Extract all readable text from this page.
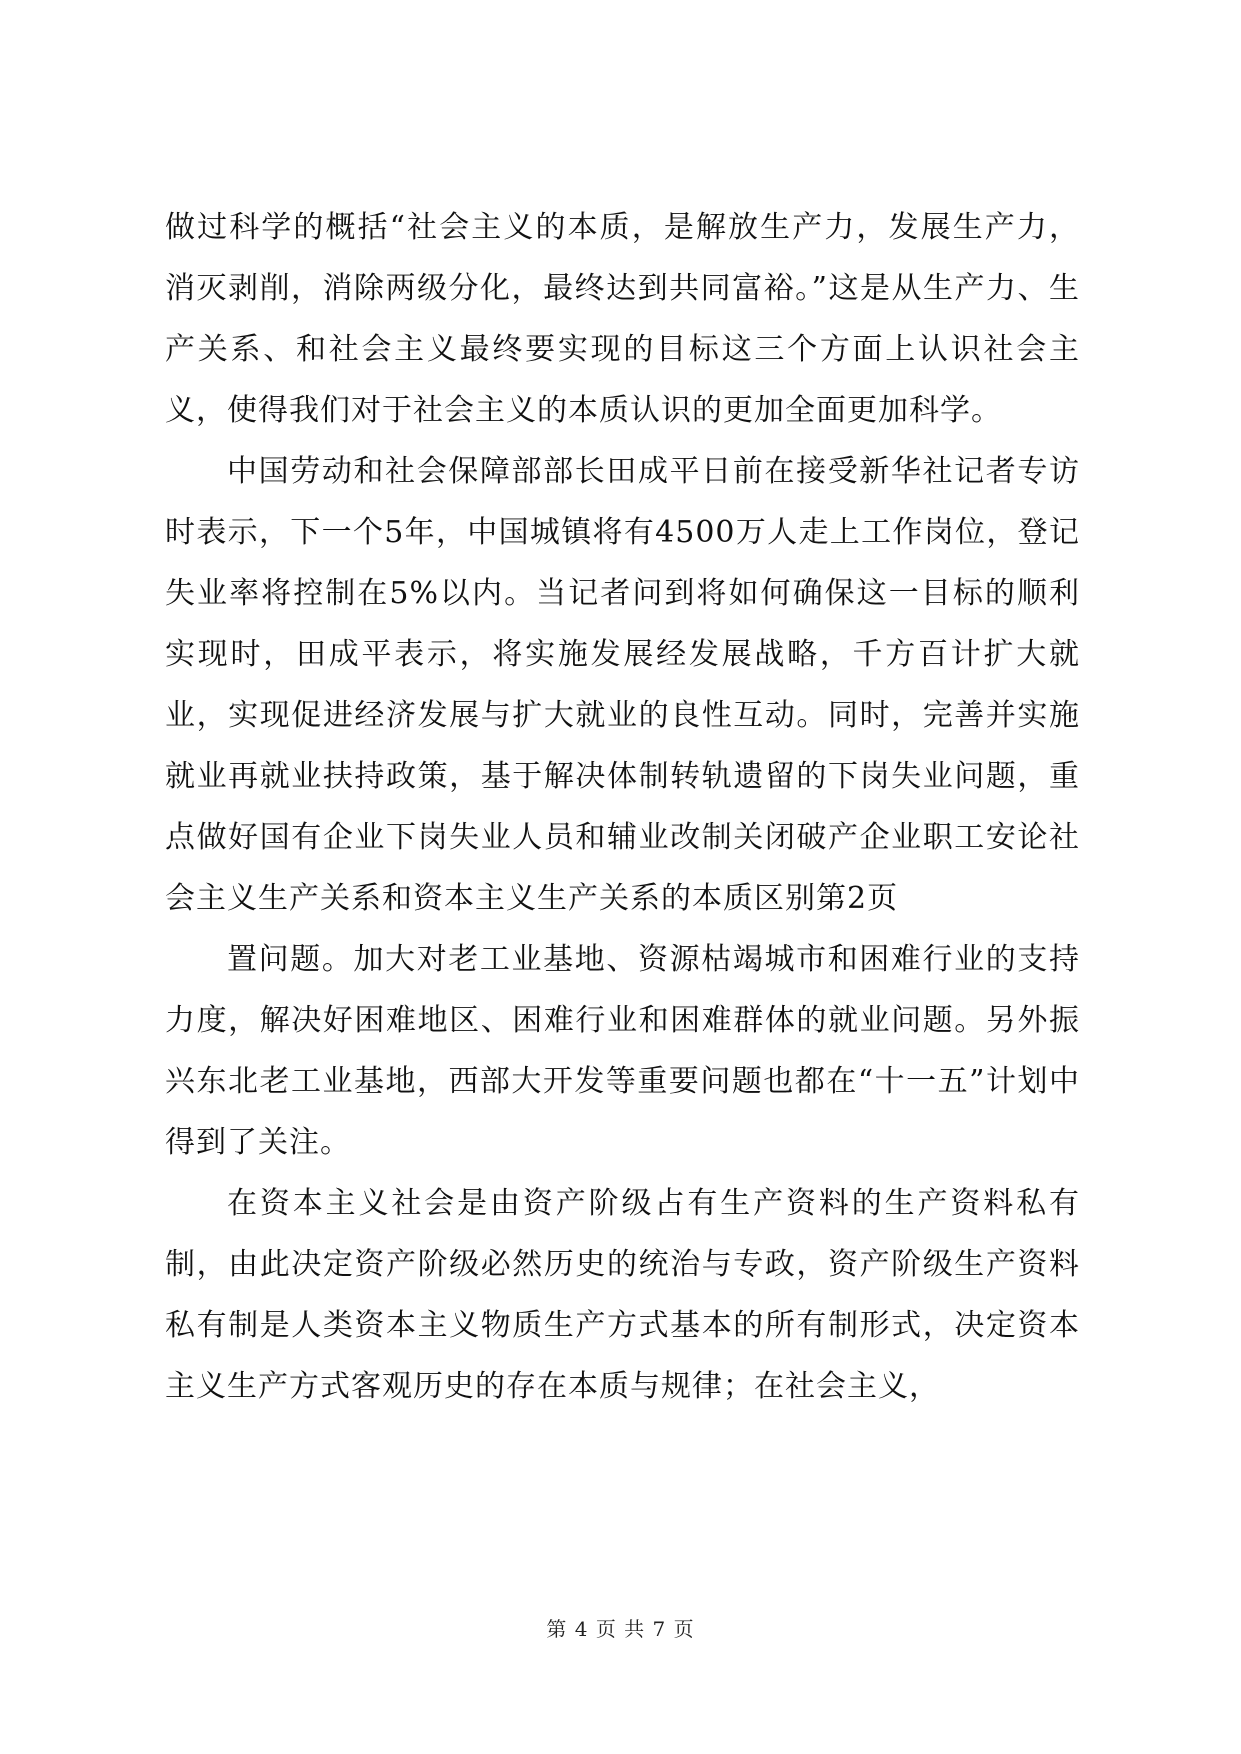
做过科学的概括“社会主义的本质，是解放生产力，发展生产力，消灭剥削，消除两级分化，最终达到共同富裕。”这是从生产力、生产关系、和社会主义最终要实现的目标这三个方面上认识社会主义，使得我们对于社会主义的本质认识的更加全面更加科学。

中国劳动和社会保障部部长田成平日前在接受新华社记者专访时表示，下一个5年，中国城镇将有4500万人走上工作岗位，登记失业率将控制在5%以内。当记者问到将如何确保这一目标的顺利实现时，田成平表示，将实施发展经发展战略，千方百计扩大就业，实现促进经济发展与扩大就业的良性互动。同时，完善并实施就业再就业扶持政策，基于解决体制转轨遗留的下岗失业问题，重点做好国有企业下岗失业人员和辅业改制关闭破产企业职工安论社会主义生产关系和资本主义生产关系的本质区别第2页

置问题。加大对老工业基地、资源枯竭城市和困难行业的支持力度，解决好困难地区、困难行业和困难群体的就业问题。另外振兴东北老工业基地，西部大开发等重要问题也都在“十一五”计划中得到了关注。

在资本主义社会是由资产阶级占有生产资料的生产资料私有制，由此决定资产阶级必然历史的统治与专政，资产阶级生产资料私有制是人类资本主义物质生产方式基本的所有制形式，决定资本主义生产方式客观历史的存在本质与规律；在社会主义，

第 4 页 共 7 页
